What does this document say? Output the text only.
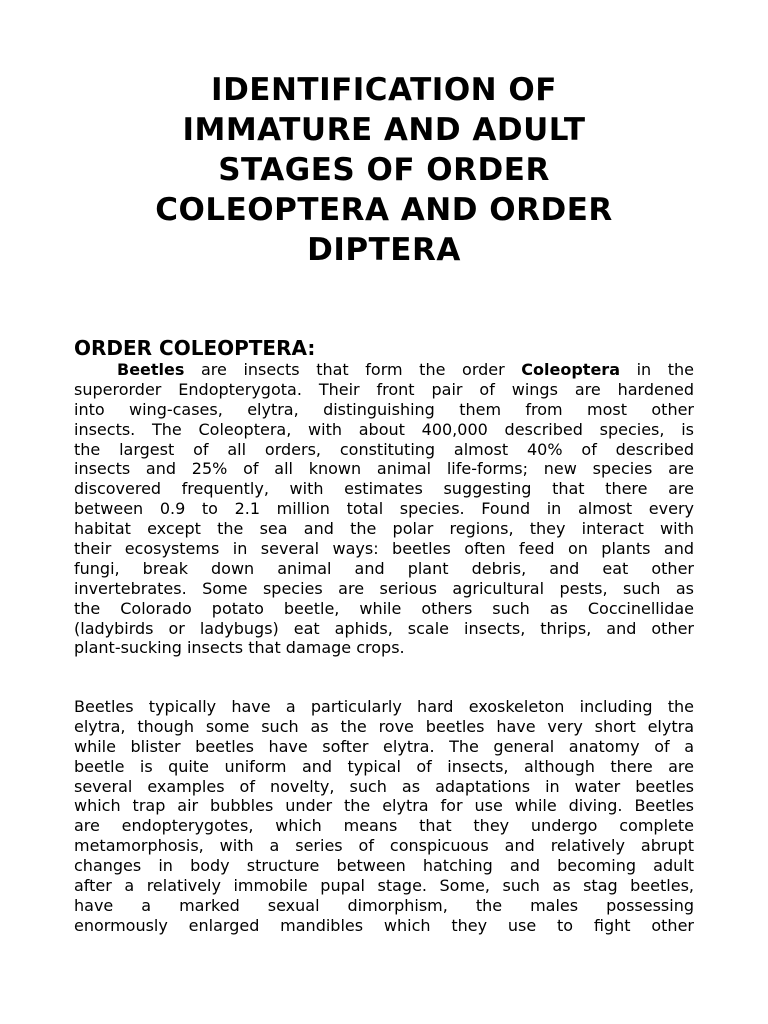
IDENTIFICATION OF
IMMATURE AND ADULT
STAGES OF ORDER
COLEOPTERA AND ORDER
DIPTERA
ORDER COLEOPTERA:
Beetles are insects that form the order Coleoptera in the
superorder Endopterygota. Their front pair of wings are hardened
into wing-cases, elytra, distinguishing them from most other
insects. The Coleoptera, with about 400,000 described species, is
the largest of all orders, constituting almost 40% of described
insects and 25% of all known animal life-forms; new species are
discovered frequently, with estimates suggesting that there are
between 0.9 to 2.1 million total species. Found in almost every
habitat except the sea and the polar regions, they interact with
their ecosystems in several ways: beetles often feed on plants and
fungi, break down animal and plant debris, and eat other
invertebrates. Some species are serious agricultural pests, such as
the Colorado potato beetle, while others such as Coccinellidae
(ladybirds or ladybugs) eat aphids, scale insects, thrips, and other
plant-sucking insects that damage crops.
Beetles typically have a particularly hard exoskeleton including the
elytra, though some such as the rove beetles have very short elytra
while blister beetles have softer elytra. The general anatomy of a
beetle is quite uniform and typical of insects, although there are
several examples of novelty, such as adaptations in water beetles
which trap air bubbles under the elytra for use while diving. Beetles
are endopterygotes, which means that they undergo complete
metamorphosis, with a series of conspicuous and relatively abrupt
changes in body structure between hatching and becoming adult
after a relatively immobile pupal stage. Some, such as stag beetles,
have a marked sexual dimorphism, the males possessing
enormously enlarged mandibles which they use to fight other
